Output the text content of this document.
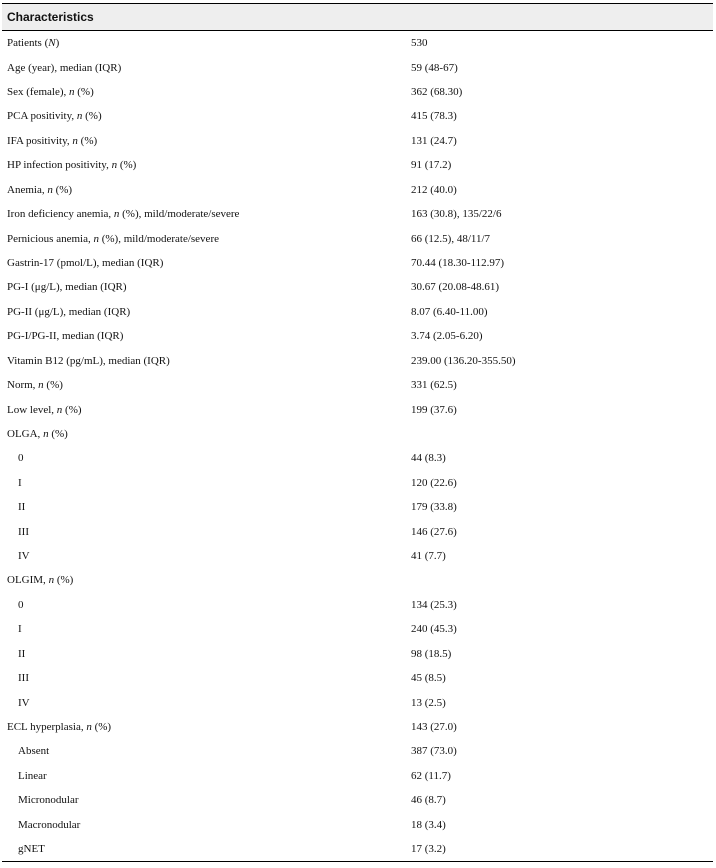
Characteristics	
Patients (N)	530
Age (year), median (IQR)	59 (48-67)
Sex (female), n (%)	362 (68.30)
PCA positivity, n (%)	415 (78.3)
IFA positivity, n (%)	131 (24.7)
HP infection positivity, n (%)	91 (17.2)
Anemia, n (%)	212 (40.0)
Iron deficiency anemia, n (%), mild/moderate/severe	163 (30.8), 135/22/6
Pernicious anemia, n (%), mild/moderate/severe	66 (12.5), 48/11/7
Gastrin-17 (pmol/L), median (IQR)	70.44 (18.30-112.97)
PG-I (μg/L), median (IQR)	30.67 (20.08-48.61)
PG-II (μg/L), median (IQR)	8.07 (6.40-11.00)
PG-I/PG-II, median (IQR)	3.74 (2.05-6.20)
Vitamin B12 (pg/mL), median (IQR)	239.00 (136.20-355.50)
Norm, n (%)	331 (62.5)
Low level, n (%)	199 (37.6)
OLGA, n (%)	
0	44 (8.3)
I	120 (22.6)
II	179 (33.8)
III	146 (27.6)
IV	41 (7.7)
OLGIM, n (%)	
0	134 (25.3)
I	240 (45.3)
II	98 (18.5)
III	45 (8.5)
IV	13 (2.5)
ECL hyperplasia, n (%)	143 (27.0)
Absent	387 (73.0)
Linear	62 (11.7)
Micronodular	46 (8.7)
Macronodular	18 (3.4)
gNET	17 (3.2)
